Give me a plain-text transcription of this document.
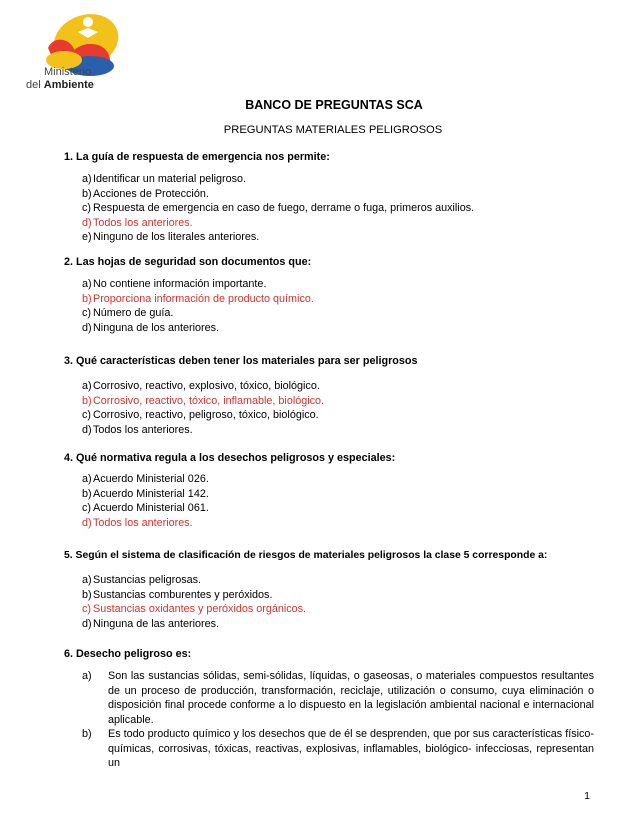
Ministerio
del Ambiente
BANCO DE PREGUNTAS SCA
PREGUNTAS MATERIALES PELIGROSOS
1. La guía de respuesta de emergencia nos permite:
a) Identificar un material peligroso.
b) Acciones de Protección.
c) Respuesta de emergencia en caso de fuego, derrame o fuga, primeros auxilios.
d) Todos los anteriores.
e) Ninguno de los literales anteriores.
2. Las hojas de seguridad son documentos que:
a) No contiene información importante.
b) Proporciona información de producto químico.
c) Número de guía.
d) Ninguna de los anteriores.
3. Qué características deben tener los materiales para ser peligrosos
a) Corrosivo, reactivo, explosivo, tóxico, biológico.
b) Corrosivo, reactivo, tóxico, inflamable, biológico.
c) Corrosivo, reactivo, peligroso, tóxico, biológico.
d) Todos los anteriores.
4. Qué normativa regula a los desechos peligrosos y especiales:
a) Acuerdo Ministerial 026.
b) Acuerdo Ministerial 142.
c) Acuerdo Ministerial 061.
d) Todos los anteriores.
5. Según el sistema de clasificación de riesgos de materiales peligrosos la clase 5 corresponde a:
a) Sustancias peligrosas.
b) Sustancias comburentes y peróxidos.
c) Sustancias oxidantes y peróxidos orgánicos.
d) Ninguna de las anteriores.
6. Desecho peligroso es:
a) Son las sustancias sólidas, semi-sólidas, líquidas, o gaseosas, o materiales compuestos resultantes de un proceso de producción, transformación, reciclaje, utilización o consumo, cuya eliminación o disposición final procede conforme a lo dispuesto en la legislación ambiental nacional e internacional aplicable.
b) Es todo producto químico y los desechos que de él se desprenden, que por sus características físico-químicas, corrosivas, tóxicas, reactivas, explosivas, inflamables, biológico- infecciosas, representan un
1
